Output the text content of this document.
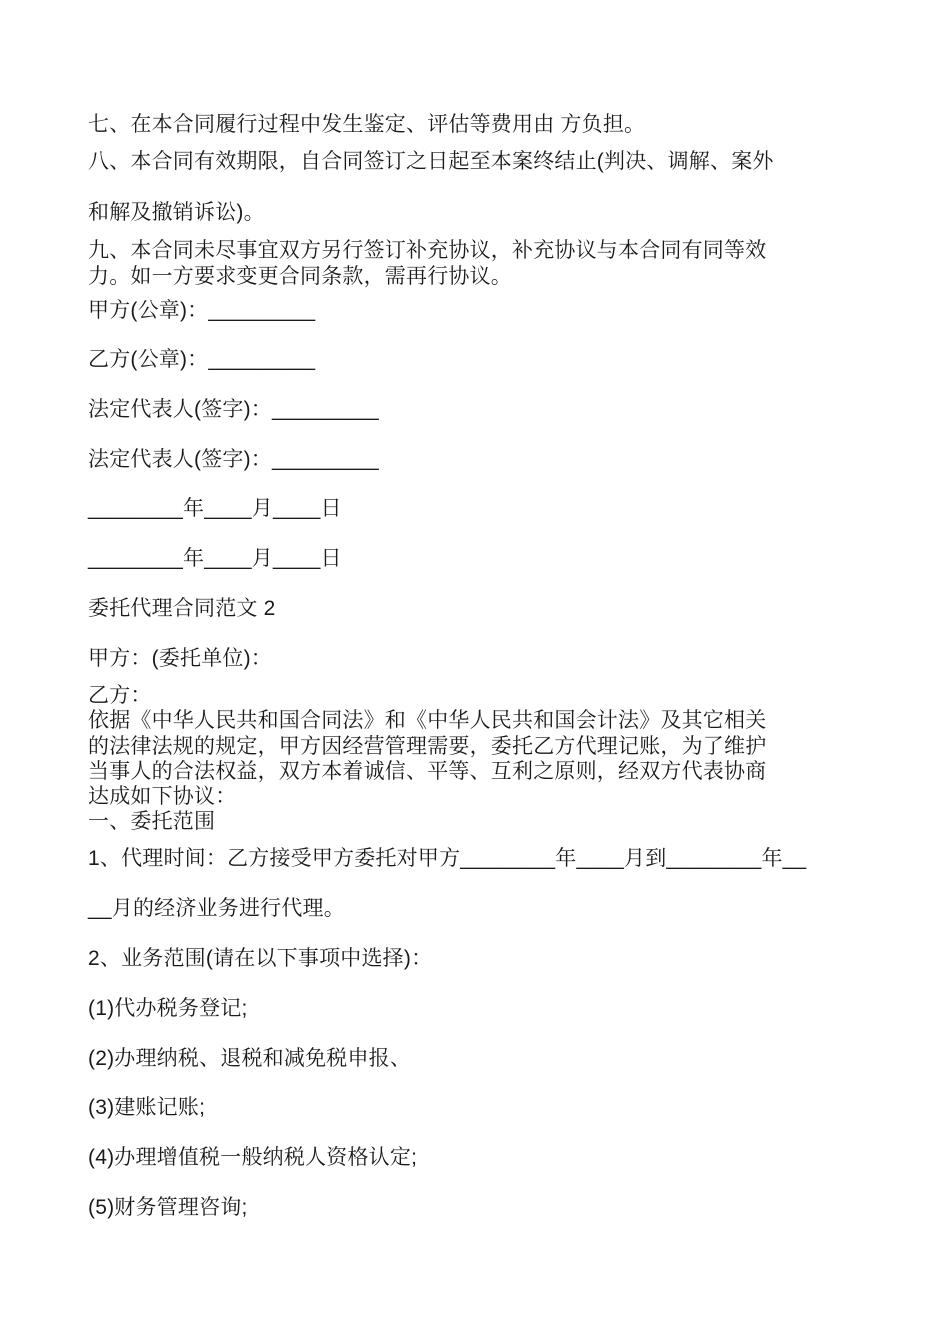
七、在本合同履行过程中发生鉴定、评估等费用由 方负担。
八、本合同有效期限，自合同签订之日起至本案终结止(判决、调解、案外
和解及撤销诉讼)。
九、本合同未尽事宜双方另行签订补充协议，补充协议与本合同有同等效
力。如一方要求变更合同条款，需再行协议。
甲方(公章)：_________
乙方(公章)：_________
法定代表人(签字)：_________
法定代表人(签字)：_________
________年____月____日
________年____月____日
委托代理合同范文 2
甲方：(委托单位)：
乙方：
依据《中华人民共和国合同法》和《中华人民共和国会计法》及其它相关
的法律法规的规定，甲方因经营管理需要，委托乙方代理记账，为了维护
当事人的合法权益，双方本着诚信、平等、互利之原则，经双方代表协商
达成如下协议：
一、委托范围
1、代理时间：乙方接受甲方委托对甲方________年____月到________年__
__月的经济业务进行代理。
2、业务范围(请在以下事项中选择)：
(1)代办税务登记;
(2)办理纳税、退税和减免税申报、
(3)建账记账;
(4)办理增值税一般纳税人资格认定;
(5)财务管理咨询;
